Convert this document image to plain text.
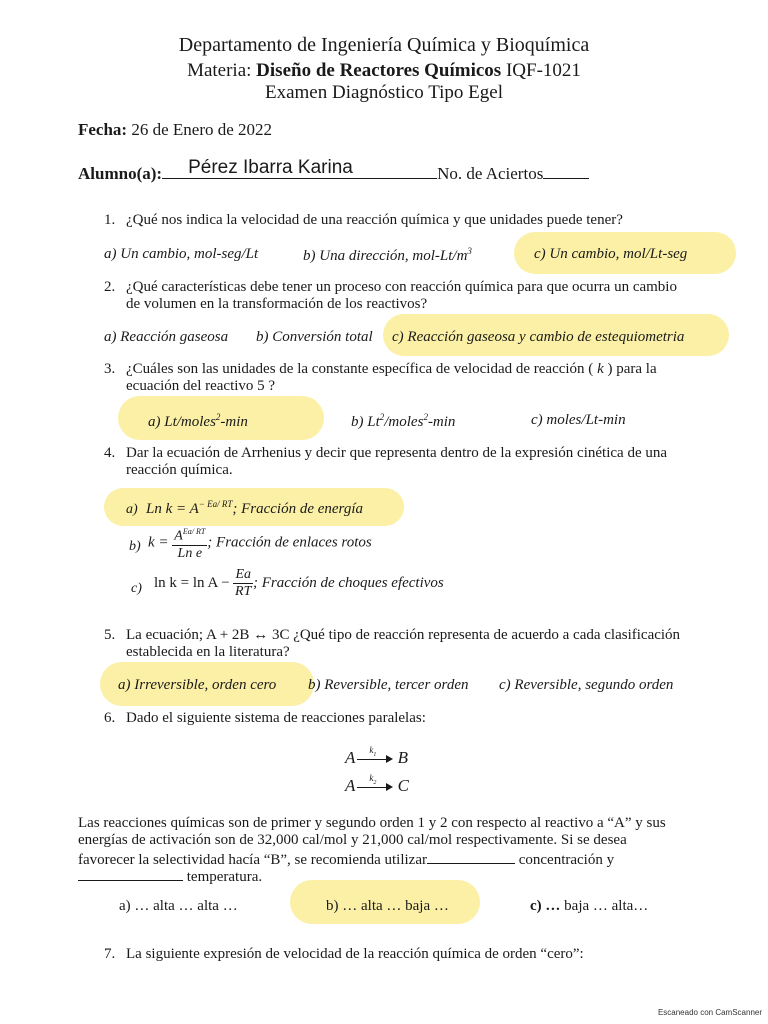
Departamento de Ingeniería Química y Bioquímica
Materia: Diseño de Reactores Químicos IQF-1021
Examen Diagnóstico Tipo Egel
Fecha: 26 de Enero de 2022
Alumno(a): Pérez Ibarra Karina	No. de Aciertos
1. ¿Qué nos indica la velocidad de una reacción química y que unidades puede tener?
a) Un cambio, mol-seg/Lt	b) Una dirección, mol-$Lt/m^3$	c) Un cambio, mol/Lt-seg
2. ¿Qué características debe tener un proceso con reacción química para que ocurra un cambio
de volumen en la transformación de los reactivos?
a) Reacción gaseosa b) Conversión total c) Reacción gaseosa y cambio de estequiometria
3. ¿Cuáles son las unidades de la constante específica de velocidad de reacción ( k ) para la
ecuación del reactivo 5 ?
a) Lt/moles$^2$-min	b) Lt$^2$/moles$^2$-min	c) moles/Lt-min
4. Dar la ecuación de Arrhenius y decir que representa dentro de la expresión cinética de una
reacción química.
a) Ln $k = A^{- Ea/ RT}$; Fracción de energía
b) $k = \frac{A^{Ea/ RT}}{\text{Ln e}}$ ; Fracción de enlaces rotos
c) $\ln k = \ln A - \frac{Ea}{RT}$ ; Fracción de choques efectivos
5. La ecuación; A + 2B ↔ 3C ¿Qué tipo de reacción representa de acuerdo a cada clasificación
establecida en la literatura?
a) Irreversible, orden cero b) Reversible, tercer orden c) Reversible, segundo orden
6. Dado el siguiente sistema de reacciones paralelas:
A $k_1$ B
A $k_2$ C
Las reacciones químicas son de primer y segundo orden 1 y 2 con respecto al reactivo a “A” y sus
energías de activación son de 32,000 cal/mol y 21,000 cal/mol respectivamente. Si se desea
favorecer la selectividad hacía “B”, se recomienda utilizar	concentración y
temperatura.
a) … alta … alta …	b) … alta … baja …	c) … baja … alta…
7. La siguiente expresión de velocidad de la reacción química de orden “cero”:
Escaneado con CamScanner
